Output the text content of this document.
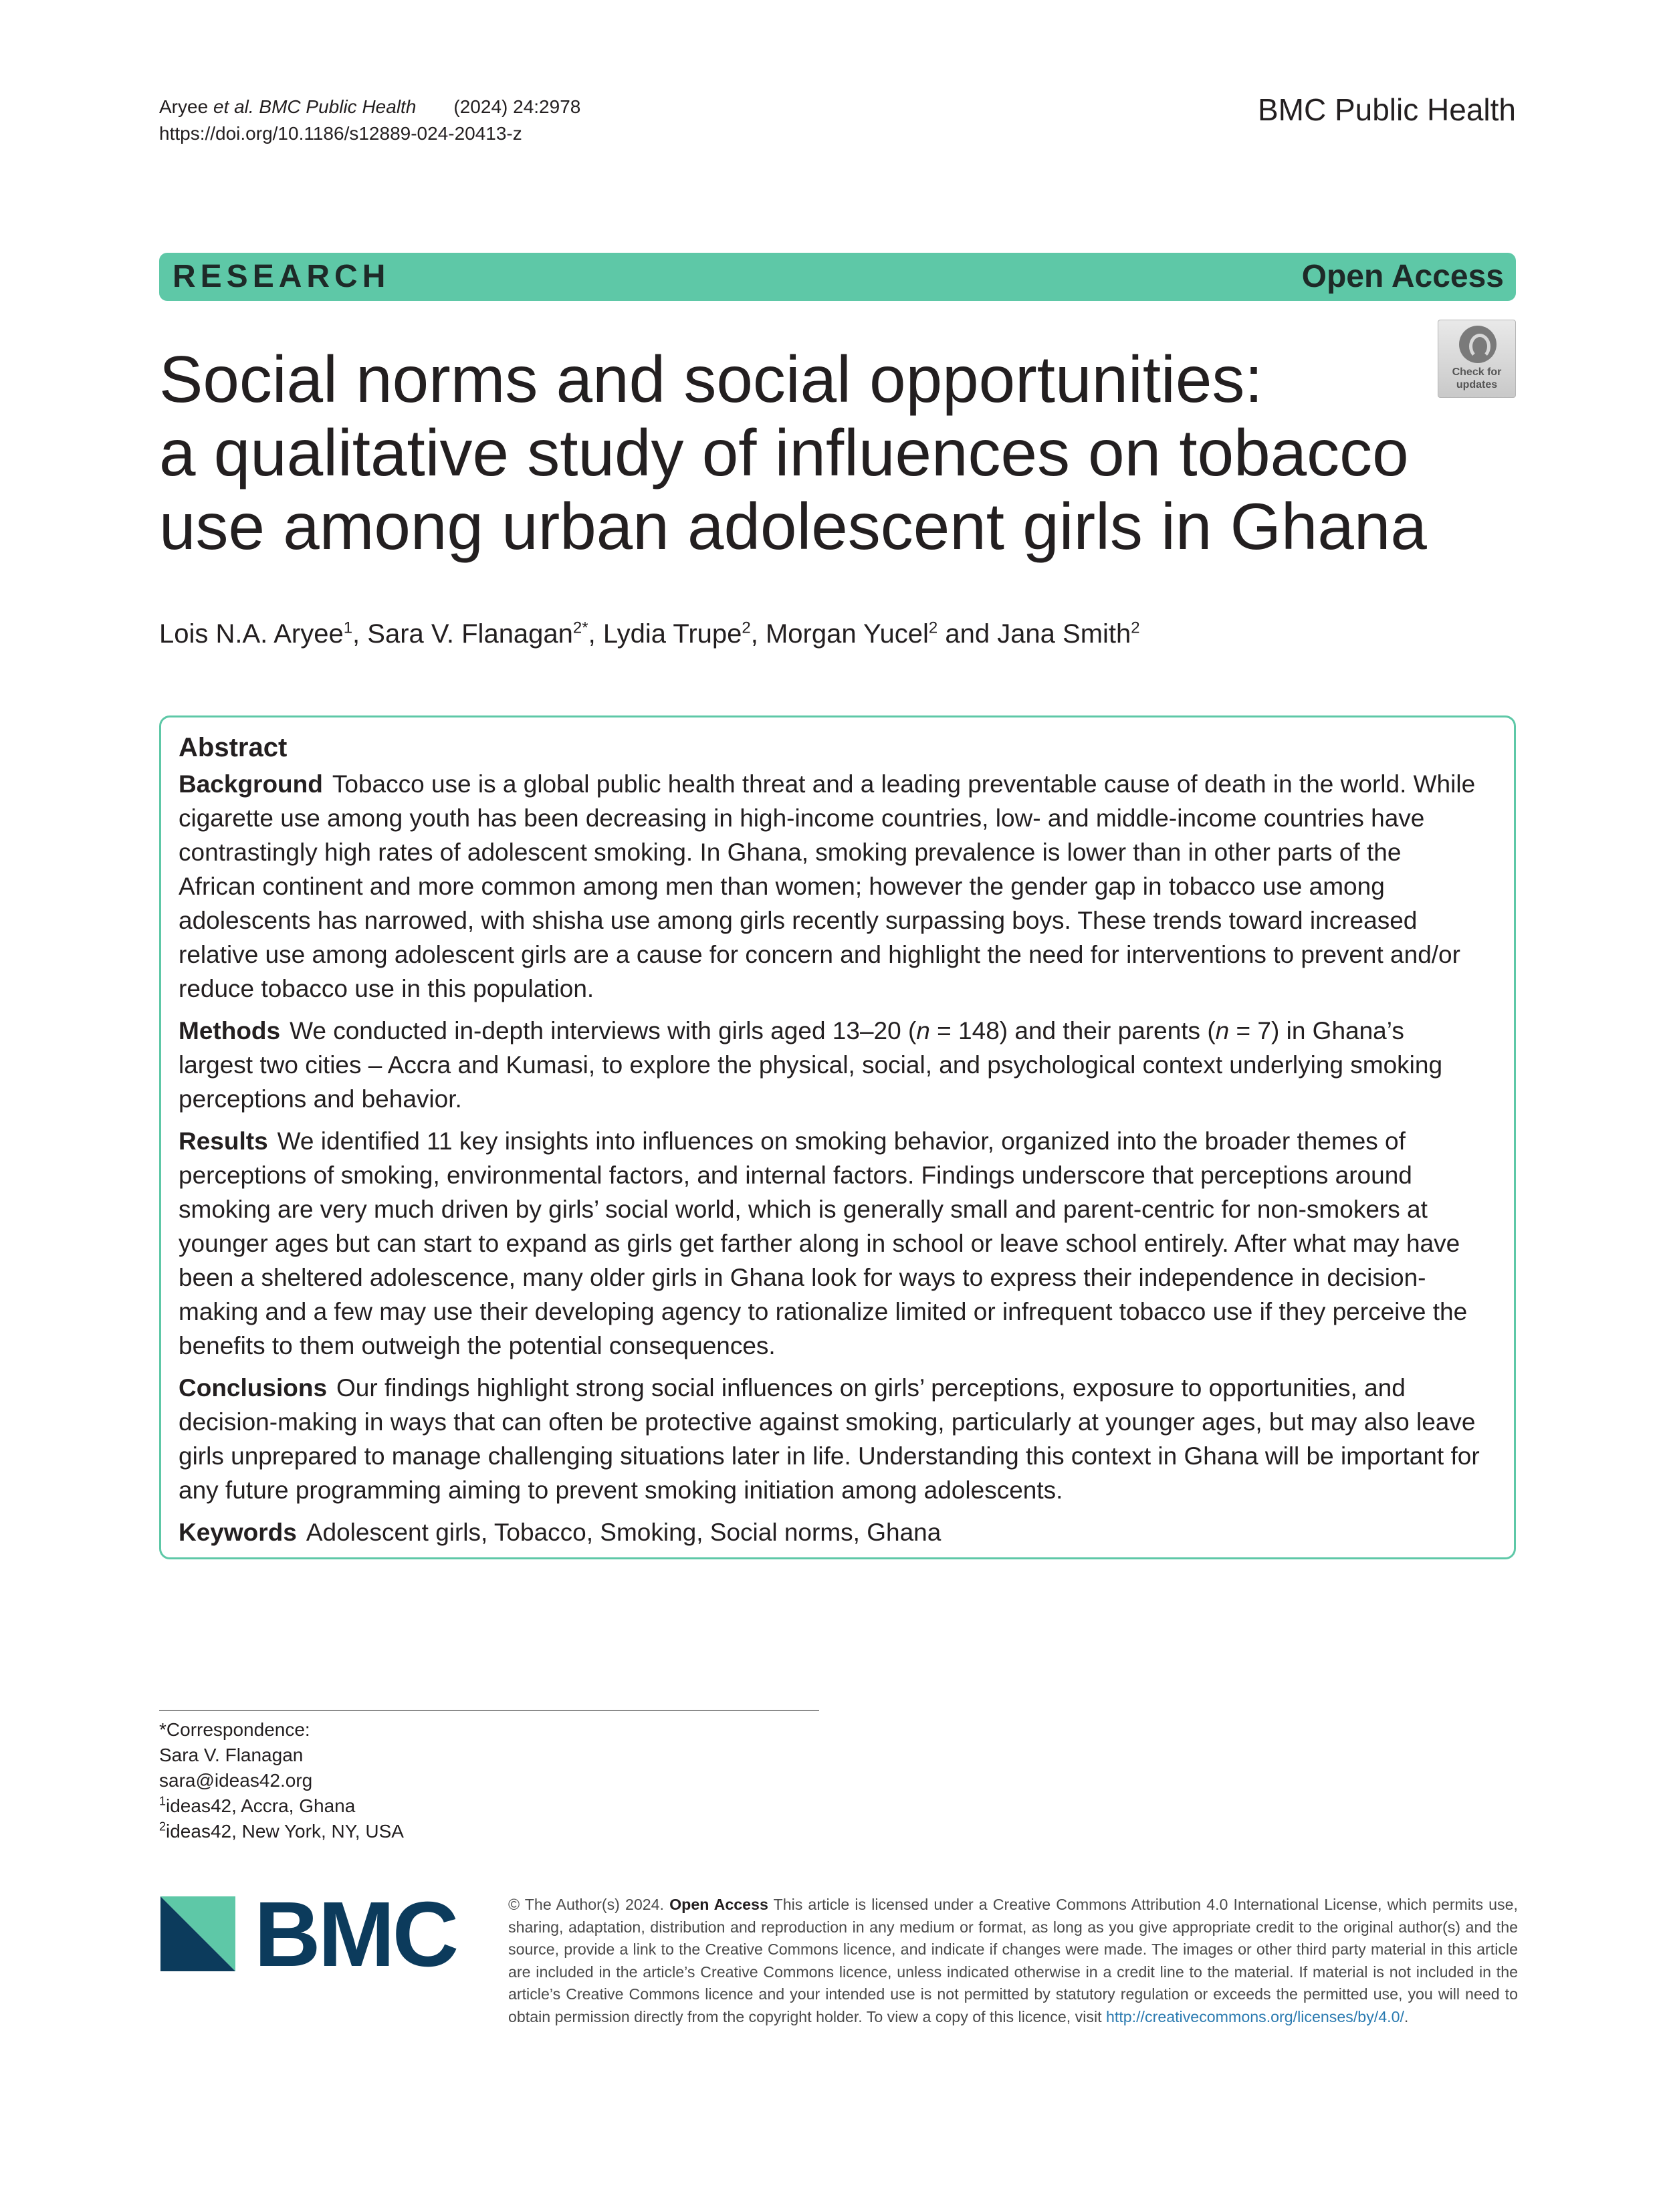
Aryee et al. BMC Public Health (2024) 24:2978
https://doi.org/10.1186/s12889-024-20413-z
BMC Public Health
RESEARCH	Open Access
Check for
updates
Social norms and social opportunities:
a qualitative study of influences on tobacco
use among urban adolescent girls in Ghana
Lois N.A. Aryee$^1$, Sara V. Flanagan$^{2*}$, Lydia Trupe$^2$, Morgan Yucel$^2$ and Jana Smith$^2$
Abstract

Background Tobacco use is a global public health threat and a leading preventable cause of death in the world. While cigarette use among youth has been decreasing in high-income countries, low- and middle-income countries have contrastingly high rates of adolescent smoking. In Ghana, smoking prevalence is lower than in other parts of the African continent and more common among men than women; however the gender gap in tobacco use among adolescents has narrowed, with shisha use among girls recently surpassing boys. These trends toward increased relative use among adolescent girls are a cause for concern and highlight the need for interventions to prevent and/or reduce tobacco use in this population.

Methods We conducted in-depth interviews with girls aged 13–20 (n = 148) and their parents (n = 7) in Ghana’s largest two cities – Accra and Kumasi, to explore the physical, social, and psychological context underlying smoking perceptions and behavior.

Results We identified 11 key insights into influences on smoking behavior, organized into the broader themes of perceptions of smoking, environmental factors, and internal factors. Findings underscore that perceptions around smoking are very much driven by girls’ social world, which is generally small and parent-centric for non-smokers at younger ages but can start to expand as girls get farther along in school or leave school entirely. After what may have been a sheltered adolescence, many older girls in Ghana look for ways to express their independence in decision-making and a few may use their developing agency to rationalize limited or infrequent tobacco use if they perceive the benefits to them outweigh the potential consequences.

Conclusions Our findings highlight strong social influences on girls’ perceptions, exposure to opportunities, and decision-making in ways that can often be protective against smoking, particularly at younger ages, but may also leave girls unprepared to manage challenging situations later in life. Understanding this context in Ghana will be important for any future programming aiming to prevent smoking initiation among adolescents.

Keywords Adolescent girls, Tobacco, Smoking, Social norms, Ghana

*Correspondence:
Sara V. Flanagan
sara@ideas42.org
$^1$ideas42, Accra, Ghana
$^2$ideas42, New York, NY, USA
BMC	© The Author(s) 2024. Open Access This article is licensed under a Creative Commons Attribution 4.0 International License, which permits use, sharing, adaptation, distribution and reproduction in any medium or format, as long as you give appropriate credit to the original author(s) and the source, provide a link to the Creative Commons licence, and indicate if changes were made. The images or other third party material in this article are included in the article’s Creative Commons licence, unless indicated otherwise in a credit line to the material. If material is not included in the article’s Creative Commons licence and your intended use is not permitted by statutory regulation or exceeds the permitted use, you will need to obtain permission directly from the copyright holder. To view a copy of this licence, visit http://creativecommons.org/licenses/by/4.0/.
